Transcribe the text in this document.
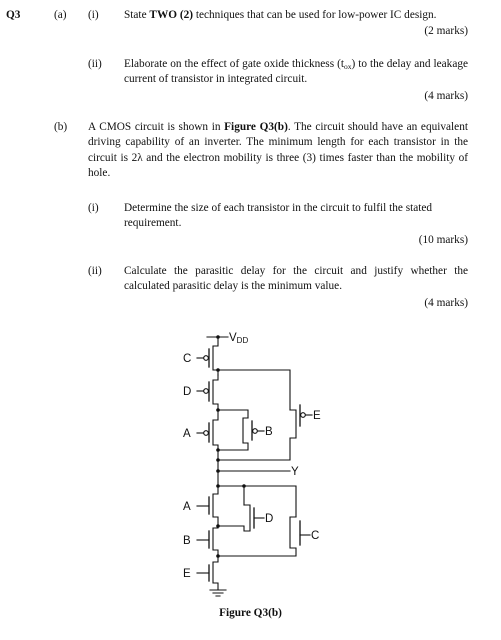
Q3	(a) (i) State TWO (2) techniques that can be used for low-power IC design.
(2 marks)
(ii) Elaborate on the effect of gate oxide thickness $(t_{ox})$ to the delay and leakage current of transistor in integrated circuit.
(4 marks)
(b) A CMOS circuit is shown in Figure Q3(b). The circuit should have an equivalent driving capability of an inverter. The minimum length for each transistor in the circuit is 2λ and the electron mobility is three (3) times faster than the mobility of hole.
(i) Determine the size of each transistor in the circuit to fulfil the stated requirement.
(10 marks)
(ii) Calculate the parasitic delay for the circuit and justify whether the calculated parasitic delay is the minimum value.
(4 marks)
VDD
C
D
A	B
E
Y
A
B
E
D
C
Figure Q3(b)
